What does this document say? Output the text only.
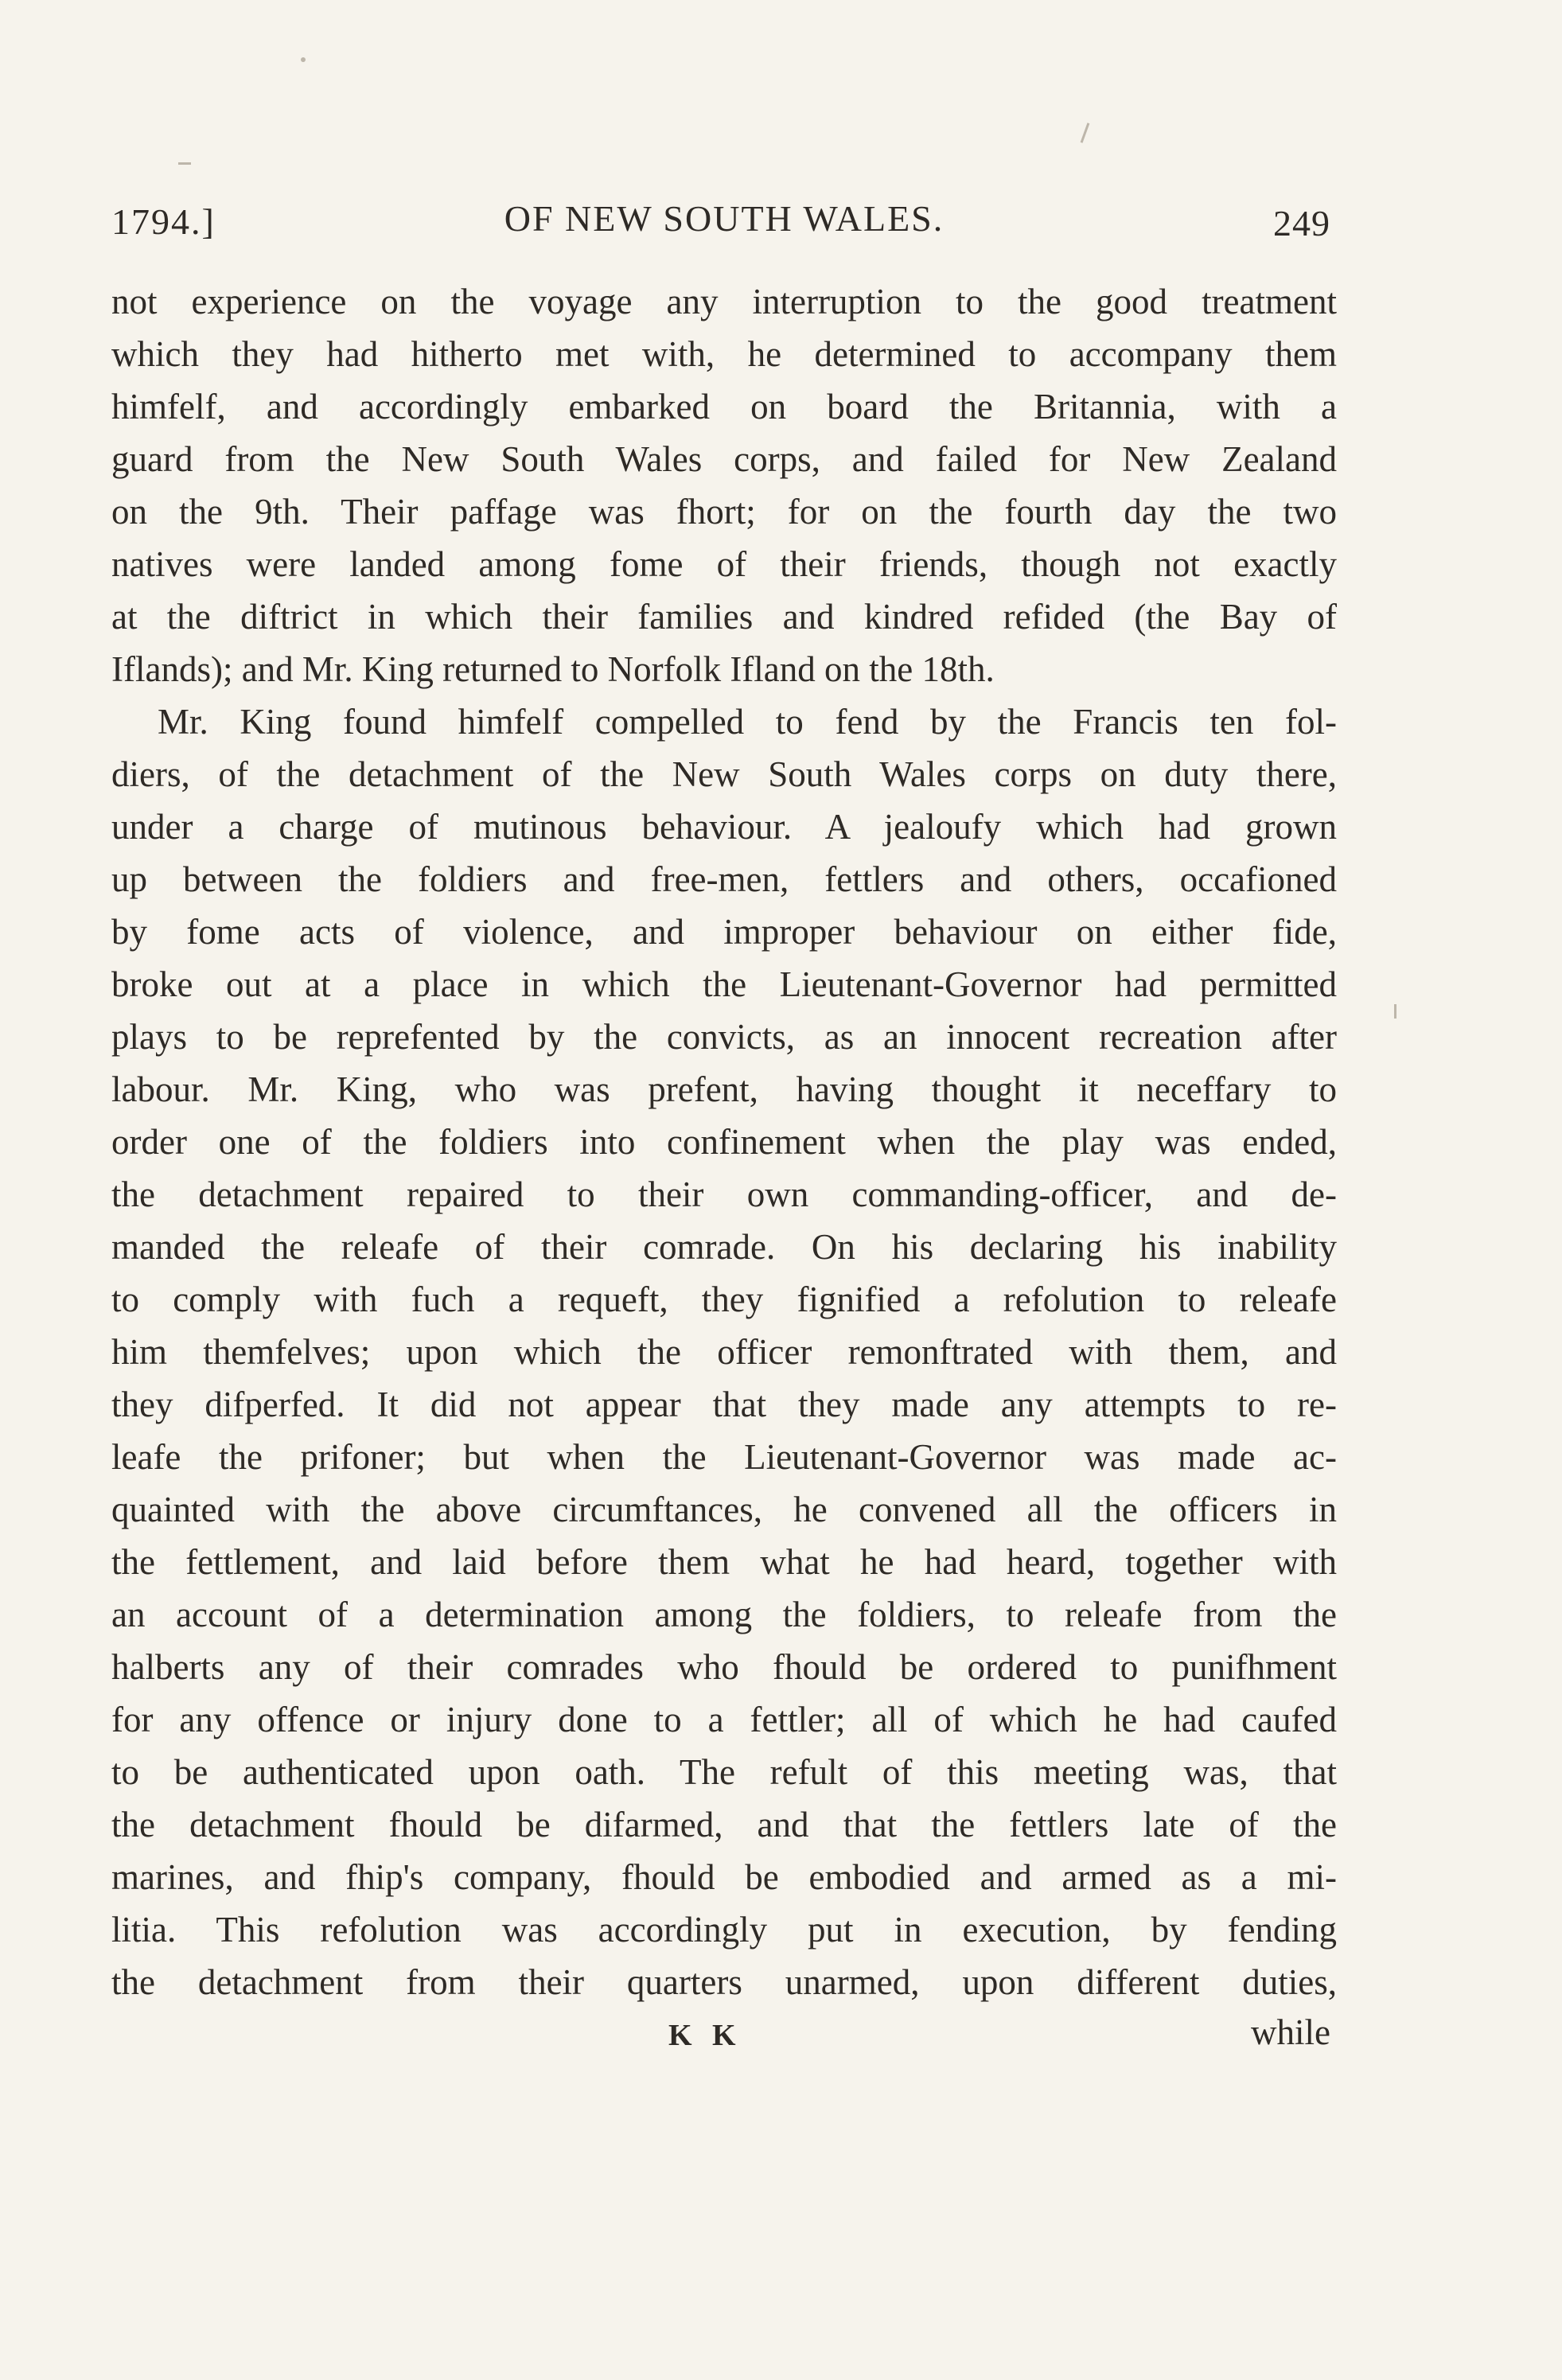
1794.]	OF NEW SOUTH WALES.	249
not experience on the voyage any interruption to the good treatment
which they had hitherto met with, he determined to accompany them
himfelf, and accordingly embarked on board the Britannia, with a
guard from the New South Wales corps, and failed for New Zealand
on the 9th. Their paffage was fhort; for on the fourth day the two
natives were landed among fome of their friends, though not exactly
at the diftrict in which their families and kindred refided (the Bay of
Iflands); and Mr. King returned to Norfolk Ifland on the 18th.
Mr. King found himfelf compelled to fend by the Francis ten fol-
diers, of the detachment of the New South Wales corps on duty there,
under a charge of mutinous behaviour. A jealoufy which had grown
up between the foldiers and free-men, fettlers and others, occafioned
by fome acts of violence, and improper behaviour on either fide,
broke out at a place in which the Lieutenant-Governor had permitted
plays to be reprefented by the convicts, as an innocent recreation after
labour. Mr. King, who was prefent, having thought it neceffary to
order one of the foldiers into confinement when the play was ended,
the detachment repaired to their own commanding-officer, and de-
manded the releafe of their comrade. On his declaring his inability
to comply with fuch a requeft, they fignified a refolution to releafe
him themfelves; upon which the officer remonftrated with them, and
they difperfed. It did not appear that they made any attempts to re-
leafe the prifoner; but when the Lieutenant-Governor was made ac-
quainted with the above circumftances, he convened all the officers in
the fettlement, and laid before them what he had heard, together with
an account of a determination among the foldiers, to releafe from the
halberts any of their comrades who fhould be ordered to punifhment
for any offence or injury done to a fettler; all of which he had caufed
to be authenticated upon oath. The refult of this meeting was, that
the detachment fhould be difarmed, and that the fettlers late of the
marines, and fhip's company, fhould be embodied and armed as a mi-
litia. This refolution was accordingly put in execution, by fending
the detachment from their quarters unarmed, upon different duties,
K K	while
